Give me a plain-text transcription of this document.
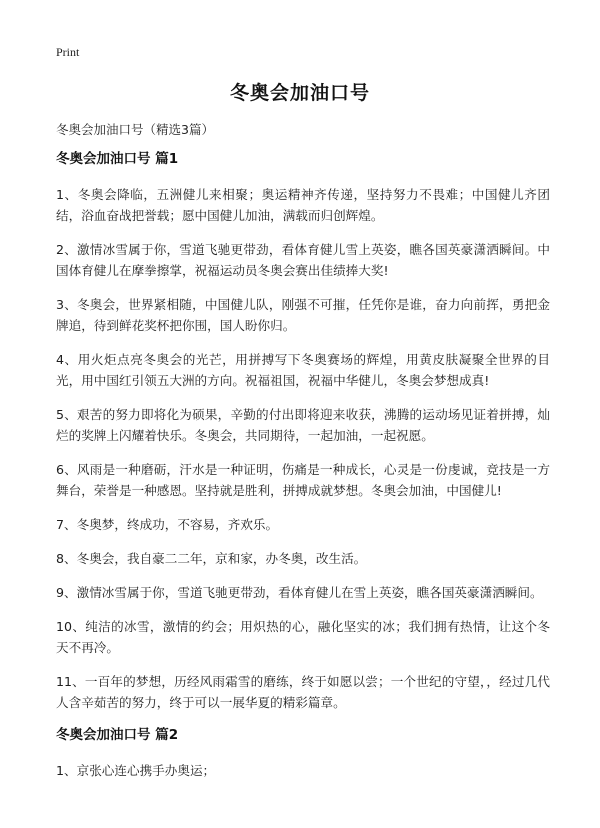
Print
冬奥会加油口号
冬奥会加油口号（精选3篇）
冬奥会加油口号 篇1

1、冬奥会降临，五洲健儿来相聚；奥运精神齐传递，坚持努力不畏难；中国健儿齐团结，浴血奋战把誉载；愿中国健儿加油，满载而归创辉煌。

2、激情冰雪属于你，雪道飞驰更带劲，看体育健儿雪上英姿，瞧各国英豪潇洒瞬间。中国体育健儿在摩拳擦掌，祝福运动员冬奥会赛出佳绩捧大奖!

3、冬奥会，世界紧相随，中国健儿队，刚强不可摧，任凭你是谁，奋力向前挥，勇把金牌追，待到鲜花奖杯把你围，国人盼你归。

4、用火炬点亮冬奥会的光芒，用拼搏写下冬奥赛场的辉煌，用黄皮肤凝聚全世界的目光，用中国红引领五大洲的方向。祝福祖国，祝福中华健儿，冬奥会梦想成真!

5、艰苦的努力即将化为硕果，辛勤的付出即将迎来收获，沸腾的运动场见证着拼搏，灿烂的奖牌上闪耀着快乐。冬奥会，共同期待，一起加油，一起祝愿。

6、风雨是一种磨砺，汗水是一种证明，伤痛是一种成长，心灵是一份虔诚，竞技是一方舞台，荣誉是一种感恩。坚持就是胜利，拼搏成就梦想。冬奥会加油，中国健儿!

7、冬奥梦，终成功，不容易，齐欢乐。

8、冬奥会，我自豪二二年，京和家，办冬奥，改生活。

9、激情冰雪属于你，雪道飞驰更带劲，看体育健儿在雪上英姿，瞧各国英豪潇洒瞬间。

10、纯洁的冰雪，激情的约会；用炽热的心，融化坚实的冰；我们拥有热情，让这个冬天不再冷。

11、一百年的梦想，历经风雨霜雪的磨练，终于如愿以尝；一个世纪的守望，，经过几代人含辛茹苦的努力，终于可以一展华夏的精彩篇章。

冬奥会加油口号 篇2

1、京张心连心携手办奥运；
